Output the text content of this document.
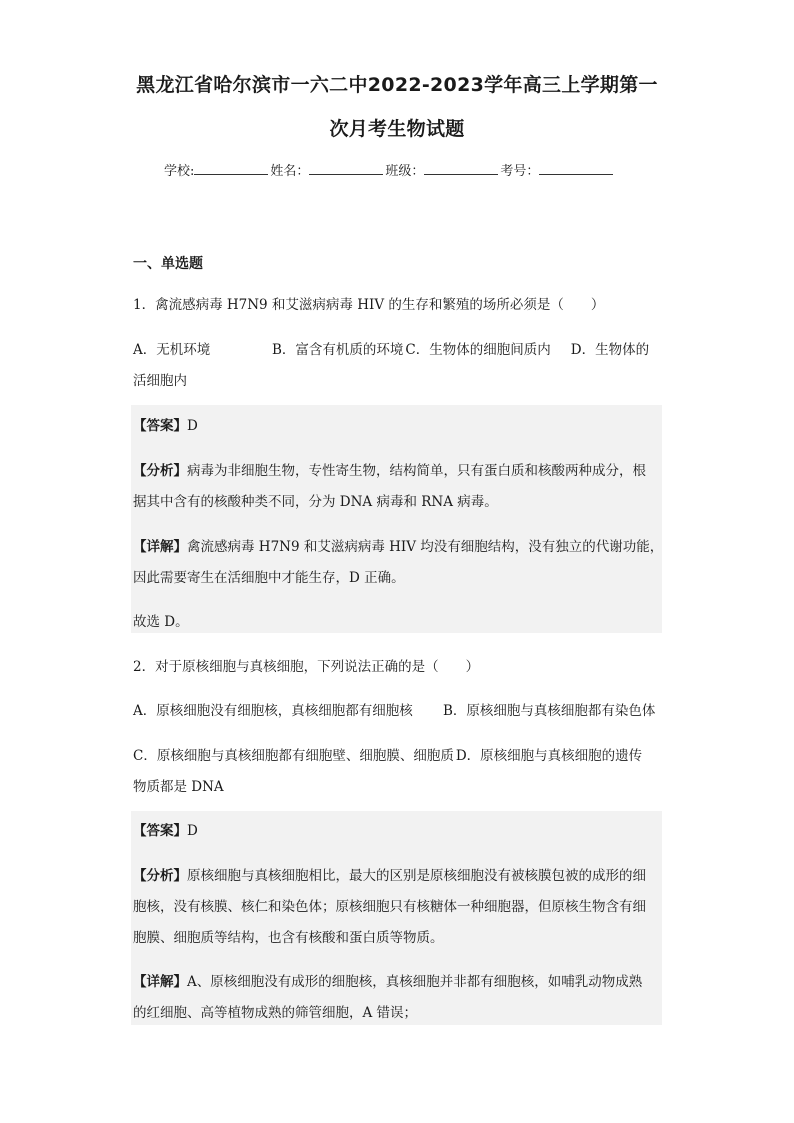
黑龙江省哈尔滨市一六二中2022-2023学年高三上学期第一
次月考生物试题
学校:	姓名：	班级：	考号：
一、单选题
1．禽流感病毒 H7N9 和艾滋病病毒 HIV 的生存和繁殖的场所必须是（　　）
A．无机环境	B．富含有机质的环境 C．生物体的细胞间质内 D．生物体的
活细胞内
【答案】D
【分析】病毒为非细胞生物，专性寄生物，结构简单，只有蛋白质和核酸两种成分，根
据其中含有的核酸种类不同，分为 DNA 病毒和 RNA 病毒。
【详解】禽流感病毒 H7N9 和艾滋病病毒 HIV 均没有细胞结构，没有独立的代谢功能，
因此需要寄生在活细胞中才能生存，D 正确。
故选 D。
2．对于原核细胞与真核细胞，下列说法正确的是（　　）
A．原核细胞没有细胞核，真核细胞都有细胞核 B．原核细胞与真核细胞都有染色体
C．原核细胞与真核细胞都有细胞壁、细胞膜、细胞质 D．原核细胞与真核细胞的遗传
物质都是 DNA
【答案】D
【分析】原核细胞与真核细胞相比，最大的区别是原核细胞没有被核膜包被的成形的细
胞核，没有核膜、核仁和染色体；原核细胞只有核糖体一种细胞器，但原核生物含有细
胞膜、细胞质等结构，也含有核酸和蛋白质等物质。
【详解】A、原核细胞没有成形的细胞核，真核细胞并非都有细胞核，如哺乳动物成熟
的红细胞、高等植物成熟的筛管细胞，A 错误；
